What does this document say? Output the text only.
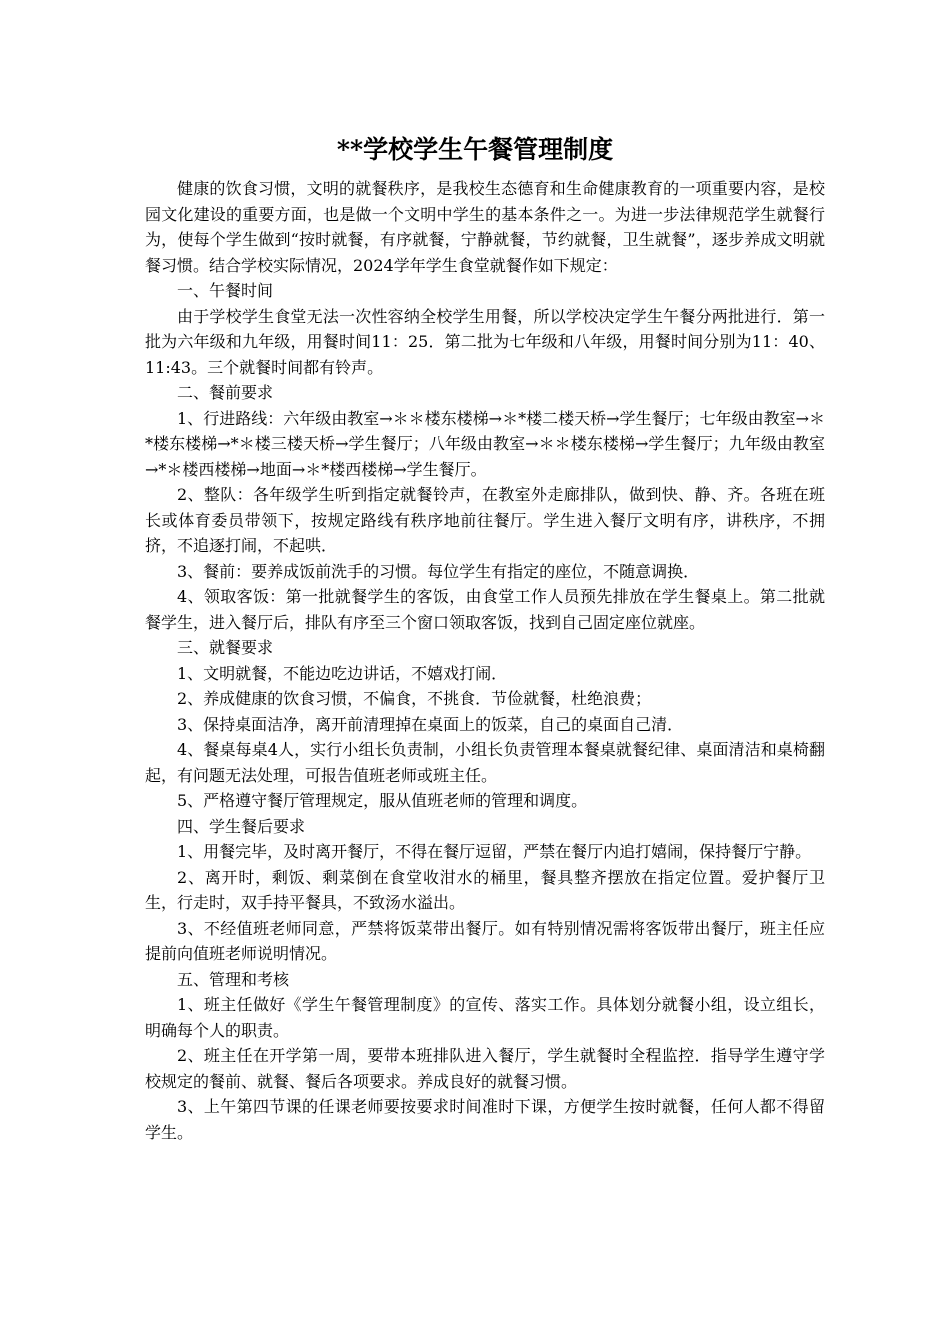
**学校学生午餐管理制度

健康的饮食习惯，文明的就餐秩序，是我校生态德育和生命健康教育的一项重要内容，是校园文化建设的重要方面，也是做一个文明中学生的基本条件之一。为进一步法律规范学生就餐行为，使每个学生做到“按时就餐，有序就餐，宁静就餐，节约就餐，卫生就餐”，逐步养成文明就餐习惯。结合学校实际情况，2024学年学生食堂就餐作如下规定：

一、午餐时间

由于学校学生食堂无法一次性容纳全校学生用餐，所以学校决定学生午餐分两批进行．第一批为六年级和九年级，用餐时间11：25．第二批为七年级和八年级，用餐时间分别为11：40、11:43。三个就餐时间都有铃声。

二、餐前要求

1、行进路线：六年级由教室→＊＊楼东楼梯→＊*楼二楼天桥→学生餐厅；七年级由教室→＊*楼东楼梯→*＊楼三楼天桥→学生餐厅；八年级由教室→＊＊楼东楼梯→学生餐厅；九年级由教室→*＊楼西楼梯→地面→＊*楼西楼梯→学生餐厅。

2、整队：各年级学生听到指定就餐铃声，在教室外走廊排队，做到快、静、齐。各班在班长或体育委员带领下，按规定路线有秩序地前往餐厅。学生进入餐厅文明有序，讲秩序，不拥挤，不追逐打闹，不起哄．

3、餐前：要养成饭前洗手的习惯。每位学生有指定的座位，不随意调换．

4、领取客饭：第一批就餐学生的客饭，由食堂工作人员预先排放在学生餐桌上。第二批就餐学生，进入餐厅后，排队有序至三个窗口领取客饭，找到自己固定座位就座。

三、就餐要求

1、文明就餐，不能边吃边讲话，不嬉戏打闹．

2、养成健康的饮食习惯，不偏食，不挑食．节俭就餐，杜绝浪费；

3、保持桌面洁净，离开前清理掉在桌面上的饭菜，自己的桌面自己清．

4、餐桌每桌4人，实行小组长负责制，小组长负责管理本餐桌就餐纪律、桌面清洁和桌椅翻起，有问题无法处理，可报告值班老师或班主任。

5、严格遵守餐厅管理规定，服从值班老师的管理和调度。

四、学生餐后要求

1、用餐完毕，及时离开餐厅，不得在餐厅逗留，严禁在餐厅内追打嬉闹，保持餐厅宁静。

2、离开时，剩饭、剩菜倒在食堂收泔水的桶里，餐具整齐摆放在指定位置。爱护餐厅卫生，行走时，双手持平餐具，不致汤水溢出。

3、不经值班老师同意，严禁将饭菜带出餐厅。如有特别情况需将客饭带出餐厅，班主任应提前向值班老师说明情况。

五、管理和考核

1、班主任做好《学生午餐管理制度》的宣传、落实工作。具体划分就餐小组，设立组长，明确每个人的职责。

2、班主任在开学第一周，要带本班排队进入餐厅，学生就餐时全程监控．指导学生遵守学校规定的餐前、就餐、餐后各项要求。养成良好的就餐习惯。

3、上午第四节课的任课老师要按要求时间准时下课，方便学生按时就餐，任何人都不得留学生。
